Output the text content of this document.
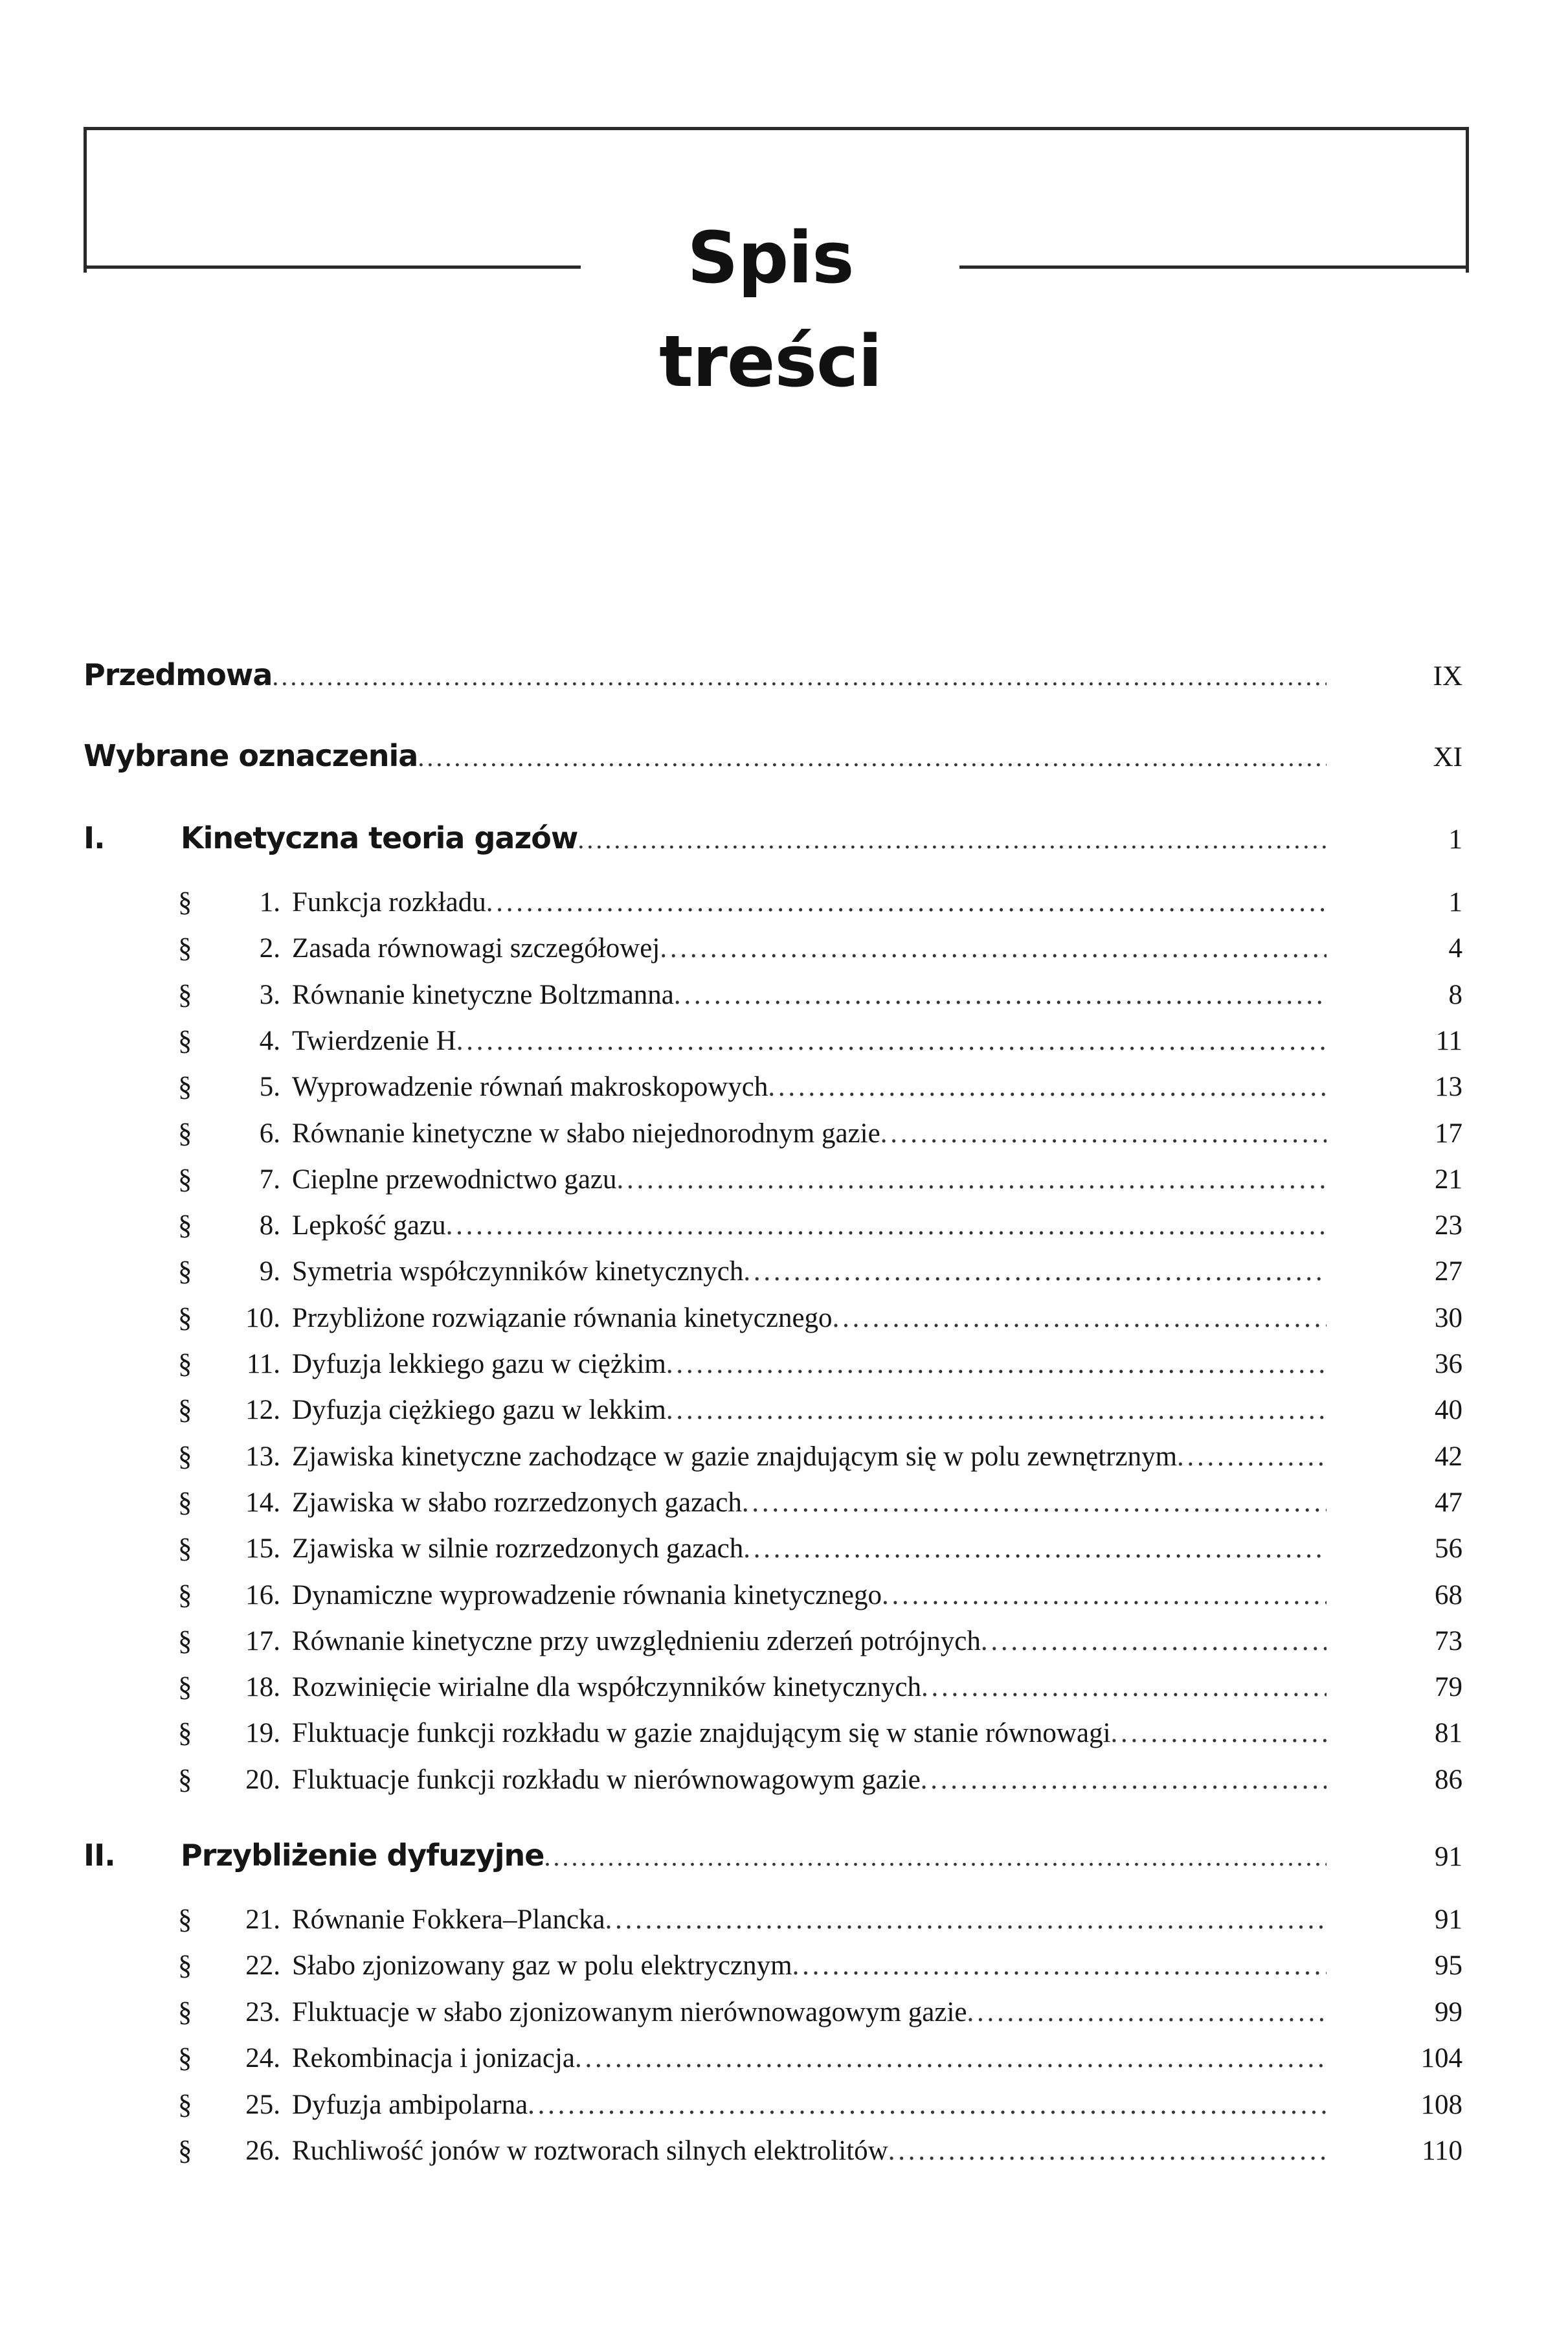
Spis treści
Przedmowa . . .	IX
Wybrane oznaczenia . . .	XI
I.	Kinetyczna teoria gazów . . .	1
§	1. Funkcja rozkładu . . .	1
§	2. Zasada równowagi szczegółowej . . .	4
§	3. Równanie kinetyczne Boltzmanna . . .	8
§	4. Twierdzenie H . . .	11
§	5. Wyprowadzenie równań makroskopowych . . .	13
§	6. Równanie kinetyczne w słabo niejednorodnym gazie . . .	17
§	7. Cieplne przewodnictwo gazu . . .	21
§	8. Lepkość gazu . . .	23
§	9. Symetria współczynników kinetycznych . . .	27
§	10. Przybliżone rozwiązanie równania kinetycznego . . .	30
§	11. Dyfuzja lekkiego gazu w ciężkim . . .	36
§	12. Dyfuzja ciężkiego gazu w lekkim . . .	40
§	13. Zjawiska kinetyczne zachodzące w gazie znajdującym się w polu zewnętrznym . . .	42
§	14. Zjawiska w słabo rozrzedzonych gazach . . .	47
§	15. Zjawiska w silnie rozrzedzonych gazach . . .	56
§	16. Dynamiczne wyprowadzenie równania kinetycznego . . .	68
§	17. Równanie kinetyczne przy uwzględnieniu zderzeń potrójnych . . .	73
§	18. Rozwinięcie wirialne dla współczynników kinetycznych . . .	79
§	19. Fluktuacje funkcji rozkładu w gazie znajdującym się w stanie równowagi . . .	81
§	20. Fluktuacje funkcji rozkładu w nierównowagowym gazie . . .	86
II.	Przybliżenie dyfuzyjne . . .	91
§	21. Równanie Fokkera–Plancka . . .	91
§	22. Słabo zjonizowany gaz w polu elektrycznym . . .	95
§	23. Fluktuacje w słabo zjonizowanym nierównowagowym gazie . . .	99
§	24. Rekombinacja i jonizacja . . .	104
§	25. Dyfuzja ambipolarna . . .	108
§	26. Ruchliwość jonów w roztworach silnych elektrolitów . . .	110
